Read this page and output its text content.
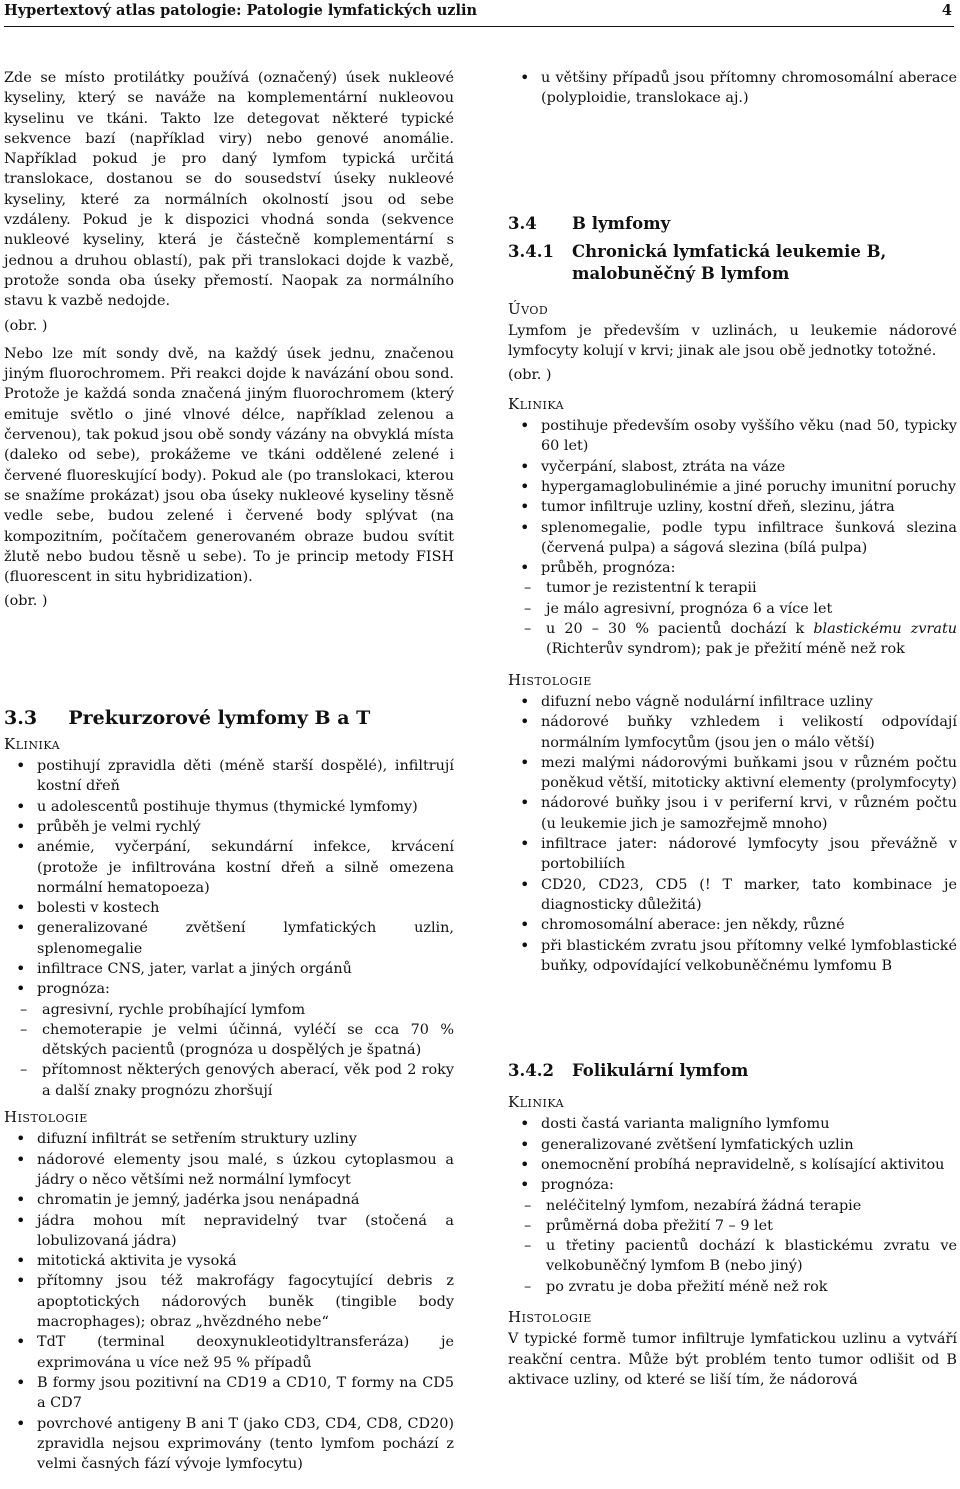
Hypertextový atlas patologie: Patologie lymfatických uzlin	4

Zde se místo protilátky používá (označený) úsek nukleové kyseliny, který se naváže na komplementární nukleovou kyselinu ve tkáni. Takto lze detegovat některé typické sekvence bazí (například viry) nebo genové anomálie. Například pokud je pro daný lymfom typická určitá translokace, dostanou se do sousedství úseky nukleové kyseliny, které za normálních okolností jsou od sebe vzdáleny. Pokud je k dispozici vhodná sonda (sekvence nukleové kyseliny, která je částečně komplementární s jednou a druhou oblastí), pak při translokaci dojde k vazbě, protože sonda oba úseky přemostí. Naopak za normálního stavu k vazbě nedojde.

(obr. )

Nebo lze mít sondy dvě, na každý úsek jednu, značenou jiným fluorochromem. Při reakci dojde k navázání obou sond. Protože je každá sonda značená jiným fluorochromem (který emituje světlo o jiné vlnové délce, například zelenou a červenou), tak pokud jsou obě sondy vázány na obvyklá místa (daleko od sebe), prokážeme ve tkáni oddělené zelené i červené fluoreskující body). Pokud ale (po translokaci, kterou se snažíme prokázat) jsou oba úseky nukleové kyseliny těsně vedle sebe, budou zelené i červené body splývat (na kompozitním, počítačem generovaném obraze budou svítit žlutě nebo budou těsně u sebe). To je princip metody FISH (fluorescent in situ hybridization).

(obr. )

3.3 Prekurzorové lymfomy B a T
Klinika
• postihují zpravidla děti (méně starší dospělé), infiltrují kostní dřeň
• u adolescentů postihuje thymus (thymické lymfomy)
• průběh je velmi rychlý
• anémie, vyčerpání, sekundární infekce, krvácení (protože je infiltrována kostní dřeň a silně omezena normální hematopoeza)
• bolesti v kostech
• generalizované zvětšení lymfatických uzlin, splenomegalie
• infiltrace CNS, jater, varlat a jiných orgánů
• prognóza:
– agresivní, rychle probíhající lymfom
– chemoterapie je velmi účinná, vyléčí se cca 70 % dětských pacientů (prognóza u dospělých je špatná)
– přítomnost některých genových aberací, věk pod 2 roky a další znaky prognózu zhoršují
Histologie
• difuzní infiltrát se setřením struktury uzliny
• nádorové elementy jsou malé, s úzkou cytoplasmou a jádry o něco většími než normální lymfocyt
• chromatin je jemný, jadérka jsou nenápadná
• jádra mohou mít nepravidelný tvar (stočená a lobulizovaná jádra)
• mitotická aktivita je vysoká
• přítomny jsou též makrofágy fagocytující debris z apoptotických nádorových buněk (tingible body macrophages); obraz „hvězdného nebe“
• TdT (terminal deoxynukleotidyltransferáza) je exprimována u více než 95 % případů
• B formy jsou pozitivní na CD19 a CD10, T formy na CD5 a CD7
• povrchové antigeny B ani T (jako CD3, CD4, CD8, CD20) zpravidla nejsou exprimovány (tento lymfom pochází z velmi časných fází vývoje lymfocytu)
• u většiny případů jsou přítomny chromosomální aberace (polyploidie, translokace aj.)
3.4	B lymfomy
3.4.1	Chronická lymfatická leukemie B, malobuněčný B lymfom
Úvod

Lymfom je především v uzlinách, u leukemie nádorové lymfocyty kolují v krvi; jinak ale jsou obě jednotky totožné.

(obr. )

Klinika
• postihuje především osoby vyššího věku (nad 50, typicky 60 let)
• vyčerpání, slabost, ztráta na váze
• hypergamaglobulinémie a jiné poruchy imunitní poruchy
• tumor infiltruje uzliny, kostní dřeň, slezinu, játra
• splenomegalie, podle typu infiltrace šunková slezina (červená pulpa) a ságová slezina (bílá pulpa)
• průběh, prognóza:
– tumor je rezistentní k terapii
– je málo agresivní, prognóza 6 a více let
– u 20 – 30 % pacientů dochází k blastickému zvratu (Richterův syndrom); pak je přežití méně než rok
Histologie
• difuzní nebo vágně nodulární infiltrace uzliny
• nádorové buňky vzhledem i velikostí odpovídají normálním lymfocytům (jsou jen o málo větší)
• mezi malými nádorovými buňkami jsou v různém počtu poněkud větší, mitoticky aktivní elementy (prolymfocyty)
• nádorové buňky jsou i v periferní krvi, v různém počtu (u leukemie jich je samozřejmě mnoho)
• infiltrace jater: nádorové lymfocyty jsou převážně v portobiliích
• CD20, CD23, CD5 (! T marker, tato kombinace je diagnosticky důležitá)
• chromosomální aberace: jen někdy, různé
• při blastickém zvratu jsou přítomny velké lymfoblastické buňky, odpovídající velkobuněčnému lymfomu B
3.4.2	Folikulární lymfom
Klinika
• dosti častá varianta maligního lymfomu
• generalizované zvětšení lymfatických uzlin
• onemocnění probíhá nepravidelně, s kolísající aktivitou
• prognóza:
– neléčitelný lymfom, nezabírá žádná terapie
– průměrná doba přežití 7 – 9 let
– u třetiny pacientů dochází k blastickému zvratu ve velkobuněčný lymfom B (nebo jiný)
– po zvratu je doba přežití méně než rok
Histologie

V typické formě tumor infiltruje lymfatickou uzlinu a vytváří reakční centra. Může být problém tento tumor odlišit od B aktivace uzliny, od které se liší tím, že nádorová
